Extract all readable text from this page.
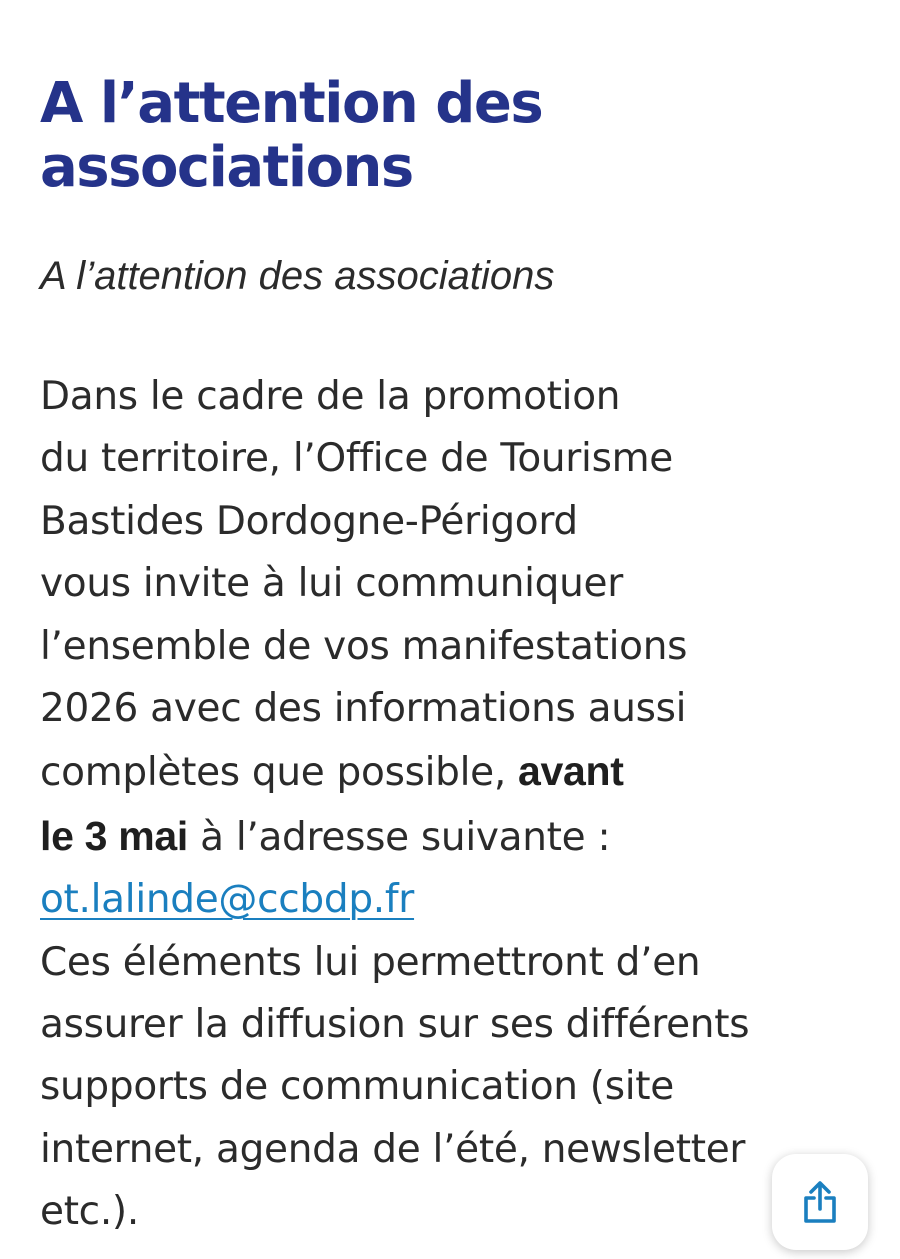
A l’attention des
associations

A l’attention des associations

Dans le cadre de la promotion
du territoire, l’Office de Tourisme
Bastides Dordogne-Périgord
vous invite à lui communiquer
l’ensemble de vos manifestations
2026 avec des informations aussi
complètes que possible, avant
le 3 mai à l’adresse suivante :
ot.lalinde@ccbdp.fr
Ces éléments lui permettront d’en
assurer la diffusion sur ses différents
supports de communication (site
internet, agenda de l’été, newsletter
etc.).
